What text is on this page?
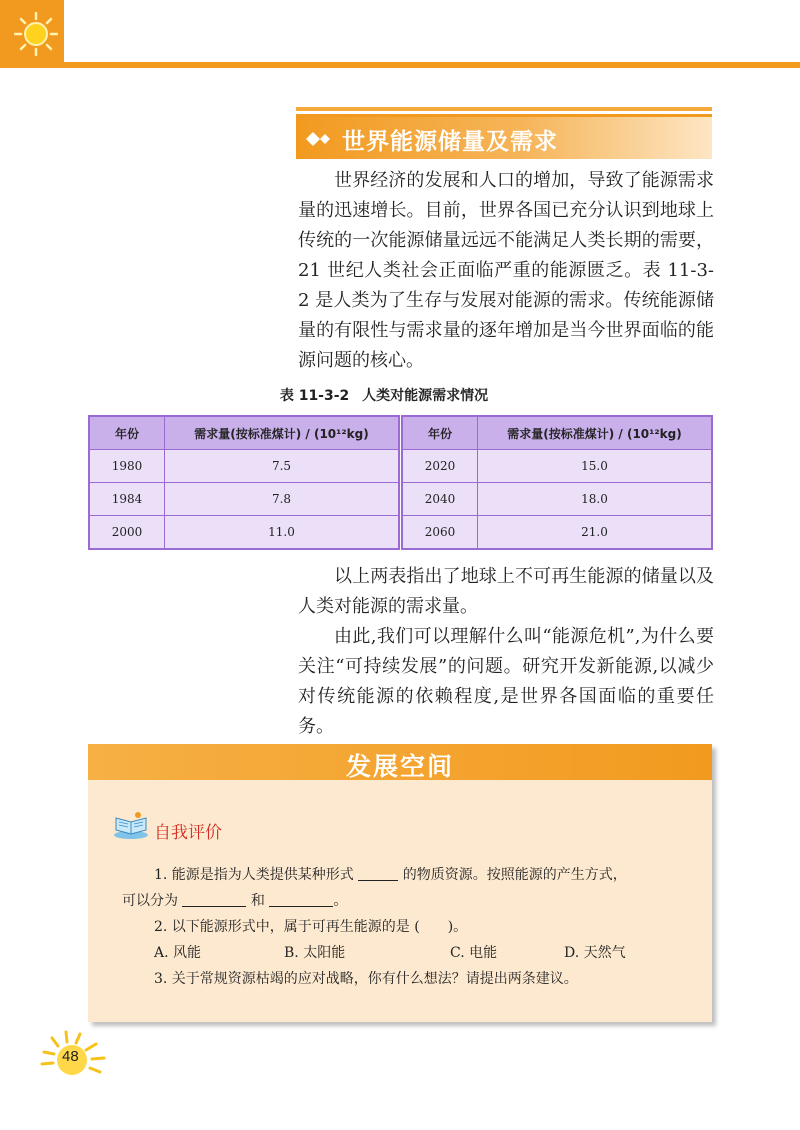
世界能源储量及需求
世界经济的发展和人口的增加，导致了能源需求量的迅速增长。目前，世界各国已充分认识到地球上传统的一次能源储量远远不能满足人类长期的需要，21 世纪人类社会正面临严重的能源匮乏。表 11-3-2 是人类为了生存与发展对能源的需求。传统能源储量的有限性与需求量的逐年增加是当今世界面临的能源问题的核心。
表 11-3-2 人类对能源需求情况
年份	需求量(按标准煤计) / (10¹²kg)
1980	7.5
1984	7.8
2000	11.0
年份	需求量(按标准煤计) / (10¹²kg)
2020	15.0
2040	18.0
2060	21.0
以上两表指出了地球上不可再生能源的储量以及人类对能源的需求量。
由此,我们可以理解什么叫“能源危机”,为什么要关注“可持续发展”的问题。研究开发新能源,以减少对传统能源的依赖程度,是世界各国面临的重要任务。
发展空间
自我评价
1. 能源是指为人类提供某种形式	的物质资源。按照能源的产生方式，
可以分为	和	。
2. 以下能源形式中，属于可再生能源的是 (　　)。
A. 风能	B. 太阳能	C. 电能	D. 天然气
3. 关于常规资源枯竭的应对战略，你有什么想法？请提出两条建议。
48
